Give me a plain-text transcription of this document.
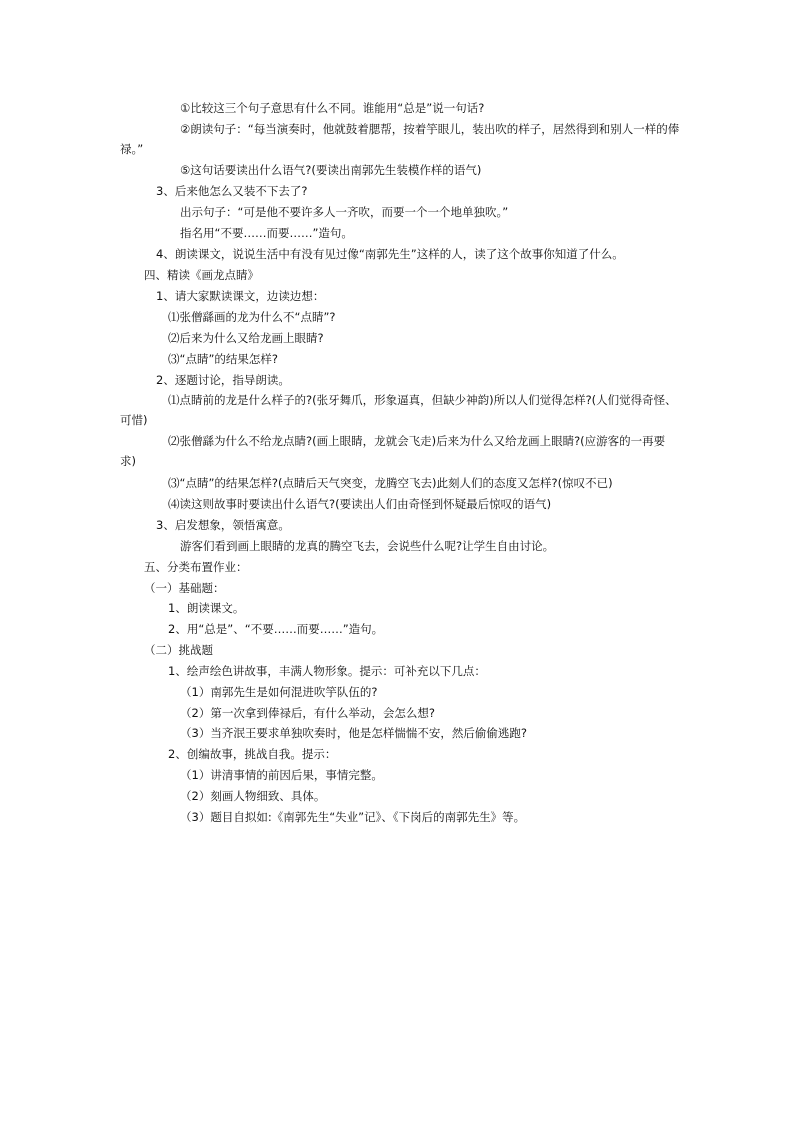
①比较这三个句子意思有什么不同。谁能用“总是”说一句话?

②朗读句子：“每当演奏时，他就鼓着腮帮，按着竽眼儿，装出吹的样子，居然得到和别人一样的俸禄。”

⑤这句话要读出什么语气?(要读出南郭先生装模作样的语气)

3、后来他怎么又装不下去了?

出示句子：“可是他不要许多人一齐吹，而要一个一个地单独吹。”

指名用“不要……而要……”造句。

4、朗读课文，说说生活中有没有见过像“南郭先生”这样的人，读了这个故事你知道了什么。

四、精读《画龙点睛》

1、请大家默读课文，边读边想：

⑴张僧繇画的龙为什么不“点睛”?

⑵后来为什么又给龙画上眼睛?

⑶“点睛”的结果怎样?

2、逐题讨论，指导朗读。

⑴点睛前的龙是什么样子的?(张牙舞爪，形象逼真，但缺少神韵)所以人们觉得怎样?(人们觉得奇怪、可惜)

⑵张僧繇为什么不给龙点睛?(画上眼睛，龙就会飞走)后来为什么又给龙画上眼睛?(应游客的一再要求)

⑶“点睛”的结果怎样?(点睛后天气突变，龙腾空飞去)此刻人们的态度又怎样?(惊叹不已)

⑷读这则故事时要读出什么语气?(要读出人们由奇怪到怀疑最后惊叹的语气)

3、启发想象，领悟寓意。

游客们看到画上眼睛的龙真的腾空飞去，会说些什么呢?让学生自由讨论。

五、分类布置作业：

（一）基础题：

1、朗读课文。

2、用“总是”、“不要……而要……”造句。

（二）挑战题

1、绘声绘色讲故事，丰满人物形象。提示：可补充以下几点：

（1）南郭先生是如何混进吹竽队伍的?

（2）第一次拿到俸禄后，有什么举动，会怎么想?

（3）当齐泯王要求单独吹奏时，他是怎样惴惴不安，然后偷偷逃跑?

2、创编故事，挑战自我。提示：

（1）讲清事情的前因后果，事情完整。

（2）刻画人物细致、具体。

（3）题目自拟如:《南郭先生“失业”记》、《下岗后的南郭先生》等。
